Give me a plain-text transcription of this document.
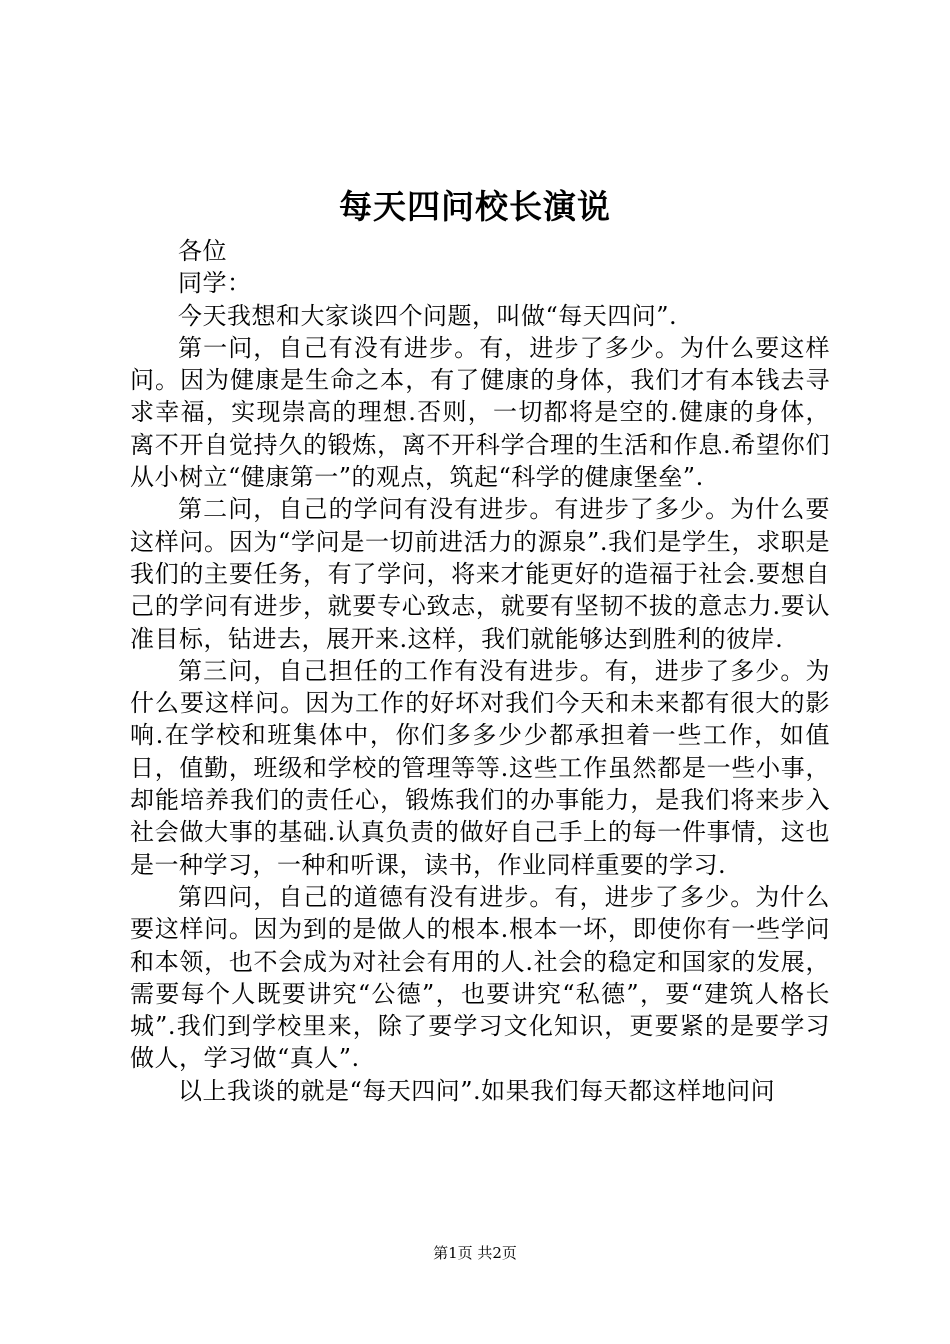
每天四问校长演说

各位

同学：

今天我想和大家谈四个问题，叫做“每天四问”.

第一问，自己有没有进步。有，进步了多少。为什么要这样问。因为健康是生命之本，有了健康的身体，我们才有本钱去寻求幸福，实现崇高的理想.否则，一切都将是空的.健康的身体，离不开自觉持久的锻炼，离不开科学合理的生活和作息.希望你们从小树立“健康第一”的观点，筑起“科学的健康堡垒”.

第二问，自己的学问有没有进步。有进步了多少。为什么要这样问。因为“学问是一切前进活力的源泉”.我们是学生，求职是我们的主要任务，有了学问，将来才能更好的造福于社会.要想自己的学问有进步，就要专心致志，就要有坚韧不拔的意志力.要认准目标，钻进去，展开来.这样，我们就能够达到胜利的彼岸.

第三问，自己担任的工作有没有进步。有，进步了多少。为什么要这样问。因为工作的好坏对我们今天和未来都有很大的影响.在学校和班集体中，你们多多少少都承担着一些工作，如值日，值勤，班级和学校的管理等等.这些工作虽然都是一些小事，却能培养我们的责任心，锻炼我们的办事能力，是我们将来步入社会做大事的基础.认真负责的做好自己手上的每一件事情，这也是一种学习，一种和听课，读书，作业同样重要的学习.

第四问，自己的道德有没有进步。有，进步了多少。为什么要这样问。因为到的是做人的根本.根本一坏，即使你有一些学问和本领，也不会成为对社会有用的人.社会的稳定和国家的发展，需要每个人既要讲究“公德”，也要讲究“私德”，要“建筑人格长城”.我们到学校里来，除了要学习文化知识，更要紧的是要学习做人，学习做“真人”.

以上我谈的就是“每天四问”.如果我们每天都这样地问问

第1页 共2页
